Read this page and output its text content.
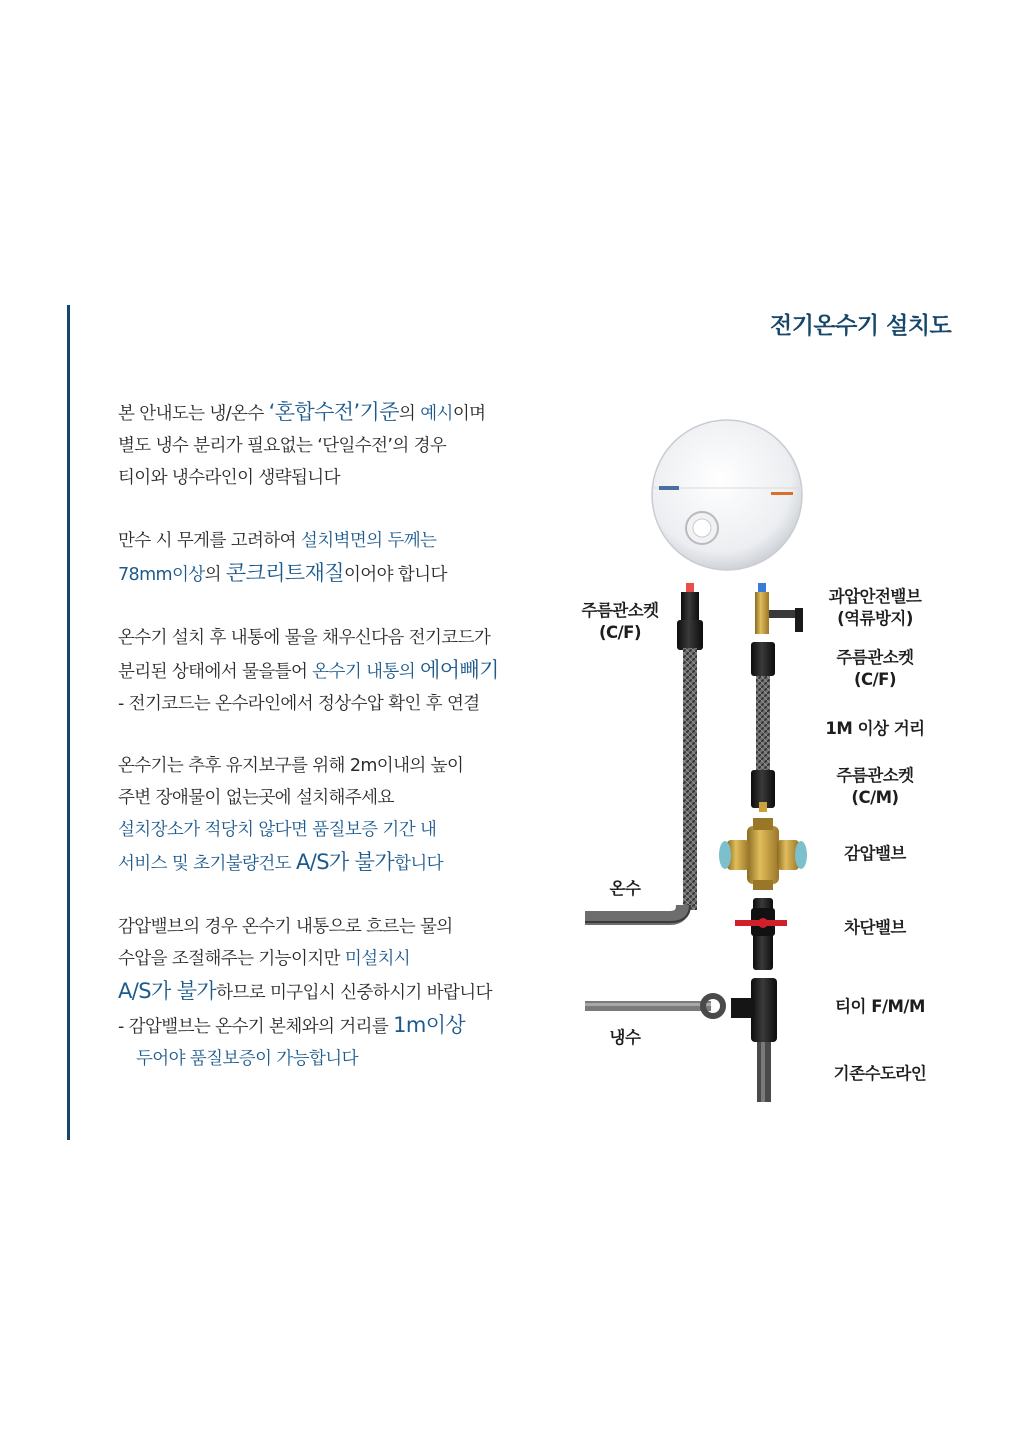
전기온수기 설치도
본 안내도는 냉/온수 ‘혼합수전’기준의 예시이며
별도 냉수 분리가 필요없는 ‘단일수전’의 경우
티이와 냉수라인이 생략됩니다
만수 시 무게를 고려하여 설치벽면의 두께는
78mm이상의 콘크리트재질이어야 합니다
온수기 설치 후 내통에 물을 채우신다음 전기코드가
분리된 상태에서 물을틀어 온수기 내통의 에어빼기
- 전기코드는 온수라인에서 정상수압 확인 후 연결
온수기는 추후 유지보구를 위해 2m이내의 높이
주변 장애물이 없는곳에 설치해주세요
설치장소가 적당치 않다면 품질보증 기간 내
서비스 및 초기불량건도 A/S가 불가합니다
감압밸브의 경우 온수기 내통으로 흐르는 물의
수압을 조절해주는 기능이지만 미설치시
A/S가 불가하므로 미구입시 신중하시기 바랍니다
- 감압밸브는 온수기 본체와의 거리를 1m이상
두어야 품질보증이 가능합니다
주름관소켓
(C/F)
과압안전밸브
(역류방지)
주름관소켓
(C/F)
1M 이상 거리
주름관소켓
(C/M)
감압밸브
차단밸브
티이 F/M/M
기존수도라인
온수
냉수
